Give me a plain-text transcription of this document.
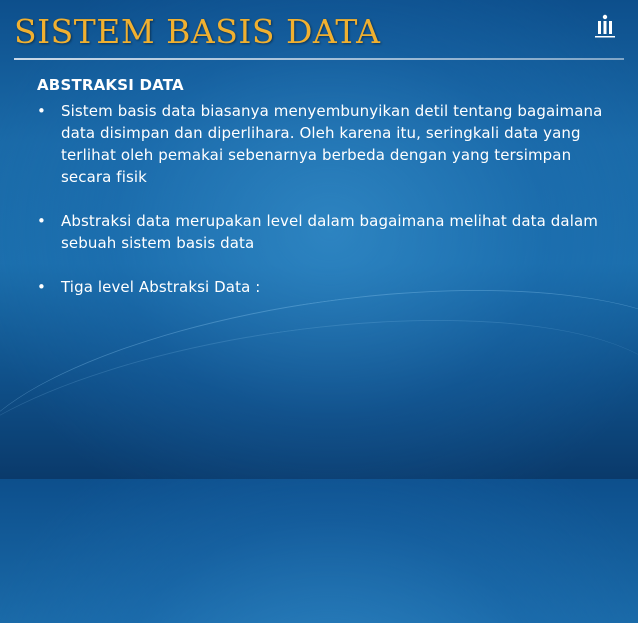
SISTEM BASIS DATA
ABSTRAKSI DATA
• Sistem basis data biasanya menyembunyikan detil tentang bagaimana data disimpan dan diperlihara. Oleh karena itu, seringkali data yang terlihat oleh pemakai sebenarnya berbeda dengan yang tersimpan secara fisik
• Abstraksi data merupakan level dalam bagaimana melihat data dalam sebuah sistem basis data
• Tiga level Abstraksi Data :
